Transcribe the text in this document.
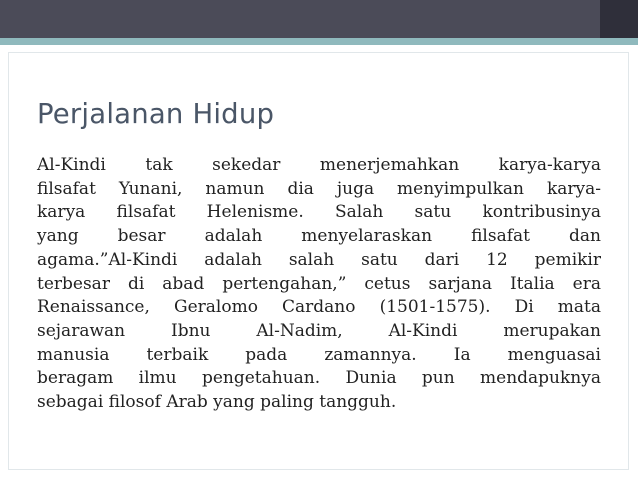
Perjalanan Hidup

Al-Kindi tak sekedar menerjemahkan karya-karya
filsafat Yunani, namun dia juga menyimpulkan karya-
karya filsafat Helenisme. Salah satu kontribusinya
yang besar adalah menyelaraskan filsafat dan
agama.”Al-Kindi adalah salah satu dari 12 pemikir
terbesar di abad pertengahan,” cetus sarjana Italia era
Renaissance, Geralomo Cardano (1501-1575). Di mata
sejarawan Ibnu Al-Nadim, Al-Kindi merupakan
manusia terbaik pada zamannya. Ia menguasai
beragam ilmu pengetahuan. Dunia pun mendapuknya
sebagai filosof Arab yang paling tangguh.
